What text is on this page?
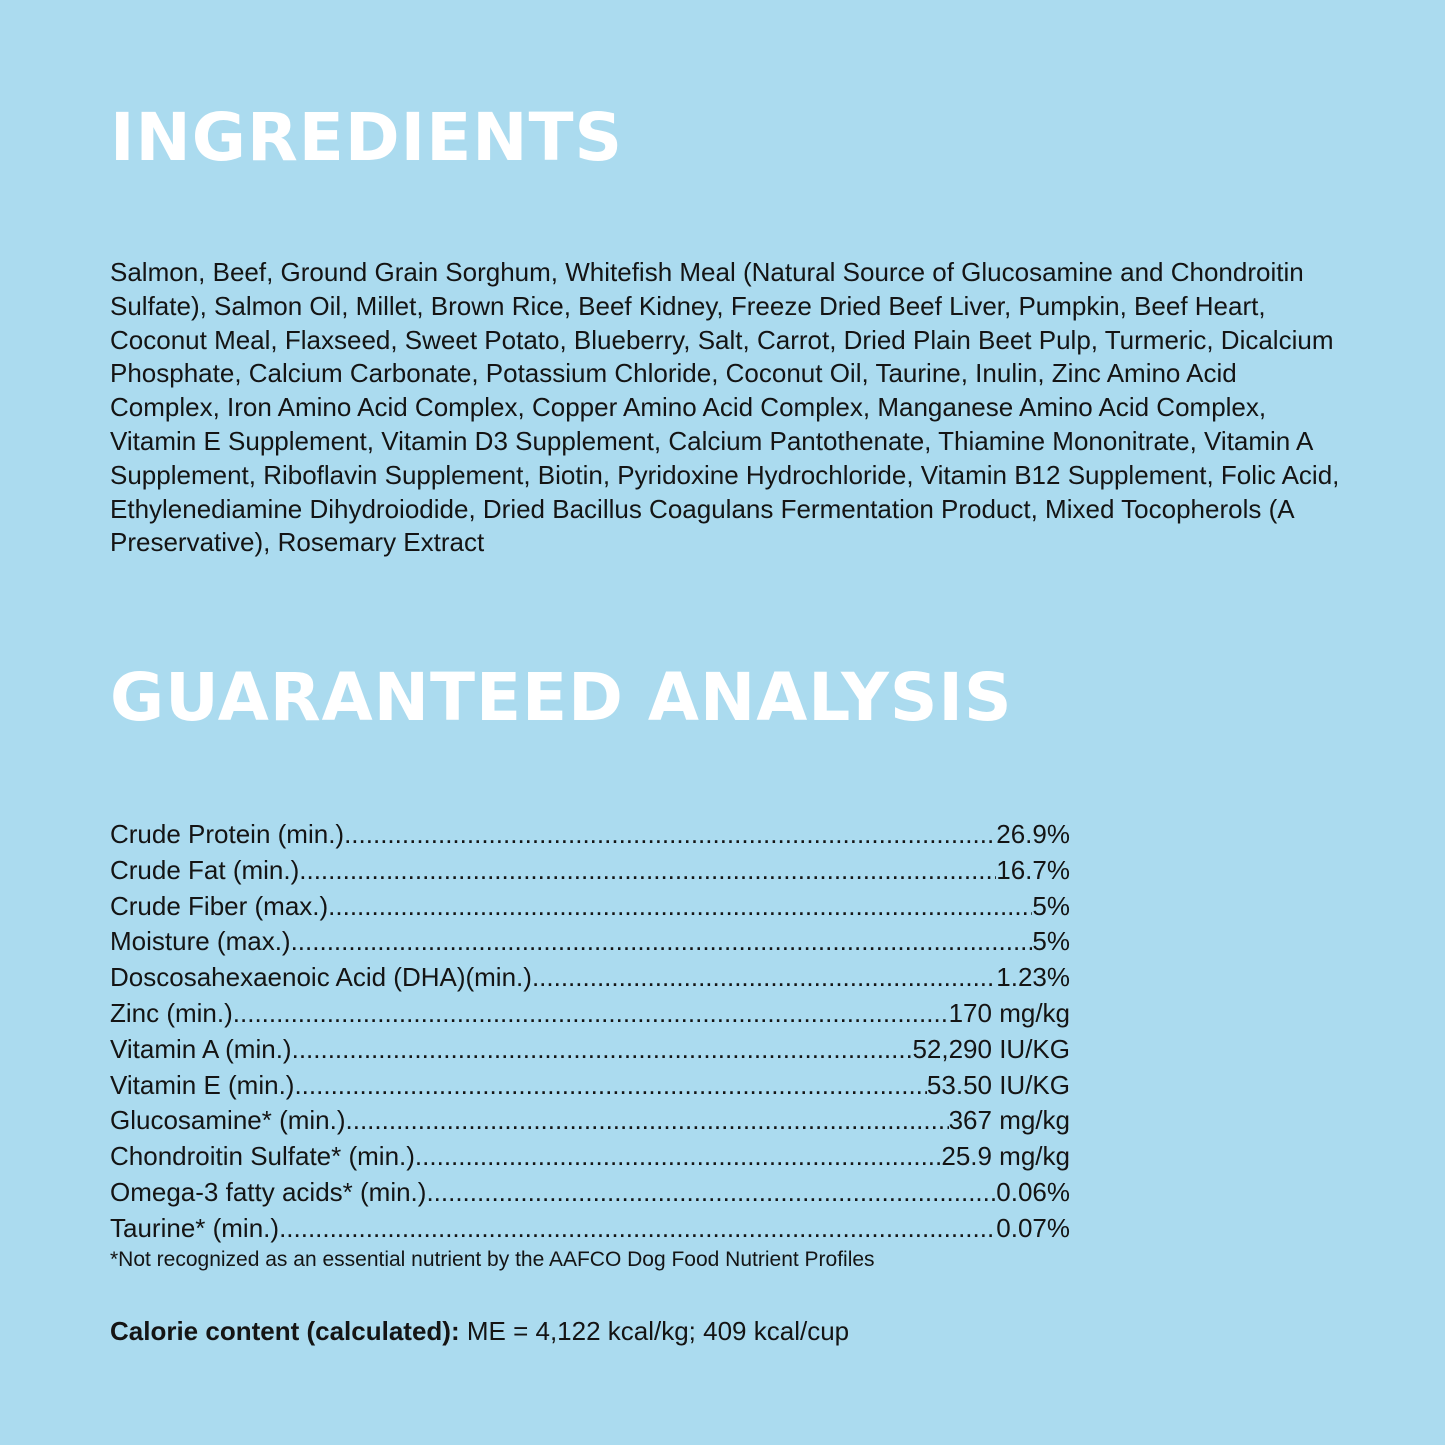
INGREDIENTS

Salmon, Beef, Ground Grain Sorghum, Whitefish Meal (Natural Source of Glucosamine and Chondroitin Sulfate), Salmon Oil, Millet, Brown Rice, Beef Kidney, Freeze Dried Beef Liver, Pumpkin, Beef Heart, Coconut Meal, Flaxseed, Sweet Potato, Blueberry, Salt, Carrot, Dried Plain Beet Pulp, Turmeric, Dicalcium Phosphate, Calcium Carbonate, Potassium Chloride, Coconut Oil, Taurine, Inulin, Zinc Amino Acid Complex, Iron Amino Acid Complex, Copper Amino Acid Complex, Manganese Amino Acid Complex, Vitamin E Supplement, Vitamin D3 Supplement, Calcium Pantothenate, Thiamine Mononitrate, Vitamin A Supplement, Riboflavin Supplement, Biotin, Pyridoxine Hydrochloride, Vitamin B12 Supplement, Folic Acid, Ethylenediamine Dihydroiodide, Dried Bacillus Coagulans Fermentation Product, Mixed Tocopherols (A Preservative), Rosemary Extract

GUARANTEED ANALYSIS
Crude Protein (min.) .....	26.9%
Crude Fat (min.) .....	16.7%
Crude Fiber (max.) .....	5%
Moisture (max.) .....	5%
Doscosahexaenoic Acid (DHA)(min.) .....	1.23%
Zinc (min.) .....	170 mg/kg
Vitamin A (min.) .....	52,290 IU/KG
Vitamin E (min.) .....	53.50 IU/KG
Glucosamine* (min.) .....	367 mg/kg
Chondroitin Sulfate* (min.) .....	25.9 mg/kg
Omega-3 fatty acids* (min.) .....	0.06%
Taurine* (min.) .....	0.07%

*Not recognized as an essential nutrient by the AAFCO Dog Food Nutrient Profiles

Calorie content (calculated): ME = 4,122 kcal/kg; 409 kcal/cup
